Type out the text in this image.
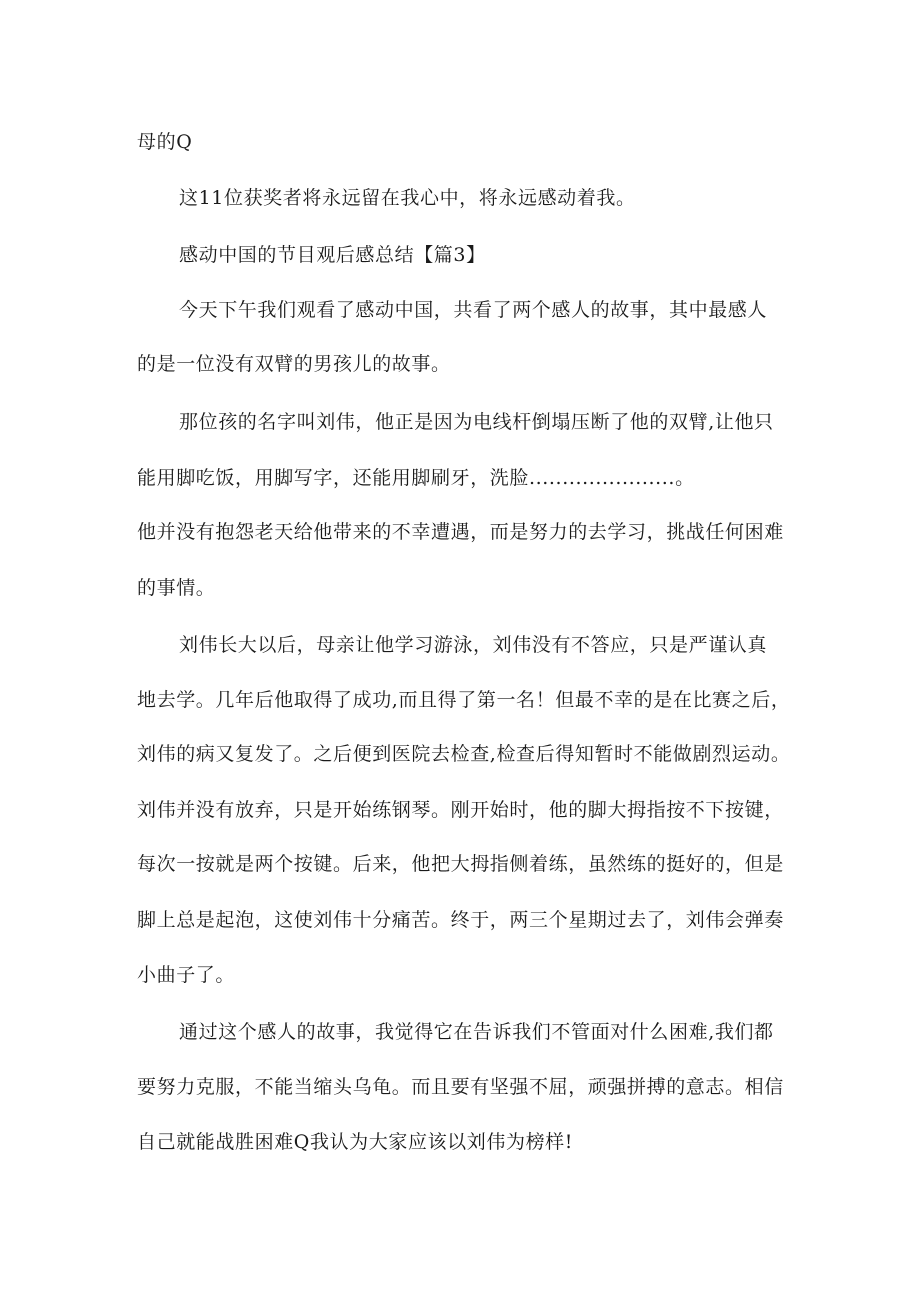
母的Q
这11位获奖者将永远留在我心中，将永远感动着我。
感动中国的节目观后感总结【篇3】
今天下午我们观看了感动中国，共看了两个感人的故事，其中最感人
的是一位没有双臂的男孩儿的故事。
那位孩的名字叫刘伟，他正是因为电线杆倒塌压断了他的双臂,让他只
能用脚吃饭，用脚写字，还能用脚刷牙，洗脸......................。
他并没有抱怨老天给他带来的不幸遭遇，而是努力的去学习，挑战任何困难
的事情。
刘伟长大以后，母亲让他学习游泳，刘伟没有不答应，只是严谨认真
地去学。几年后他取得了成功,而且得了第一名！但最不幸的是在比赛之后，
刘伟的病又复发了。之后便到医院去检查,检查后得知暂时不能做剧烈运动。
刘伟并没有放弃，只是开始练钢琴。刚开始时，他的脚大拇指按不下按键，
每次一按就是两个按键。后来，他把大拇指侧着练，虽然练的挺好的，但是
脚上总是起泡，这使刘伟十分痛苦。终于，两三个星期过去了，刘伟会弹奏
小曲子了。
通过这个感人的故事，我觉得它在告诉我们不管面对什么困难,我们都
要努力克服，不能当缩头乌龟。而且要有坚强不屈，顽强拼搏的意志。相信
自己就能战胜困难Q我认为大家应该以刘伟为榜样!
